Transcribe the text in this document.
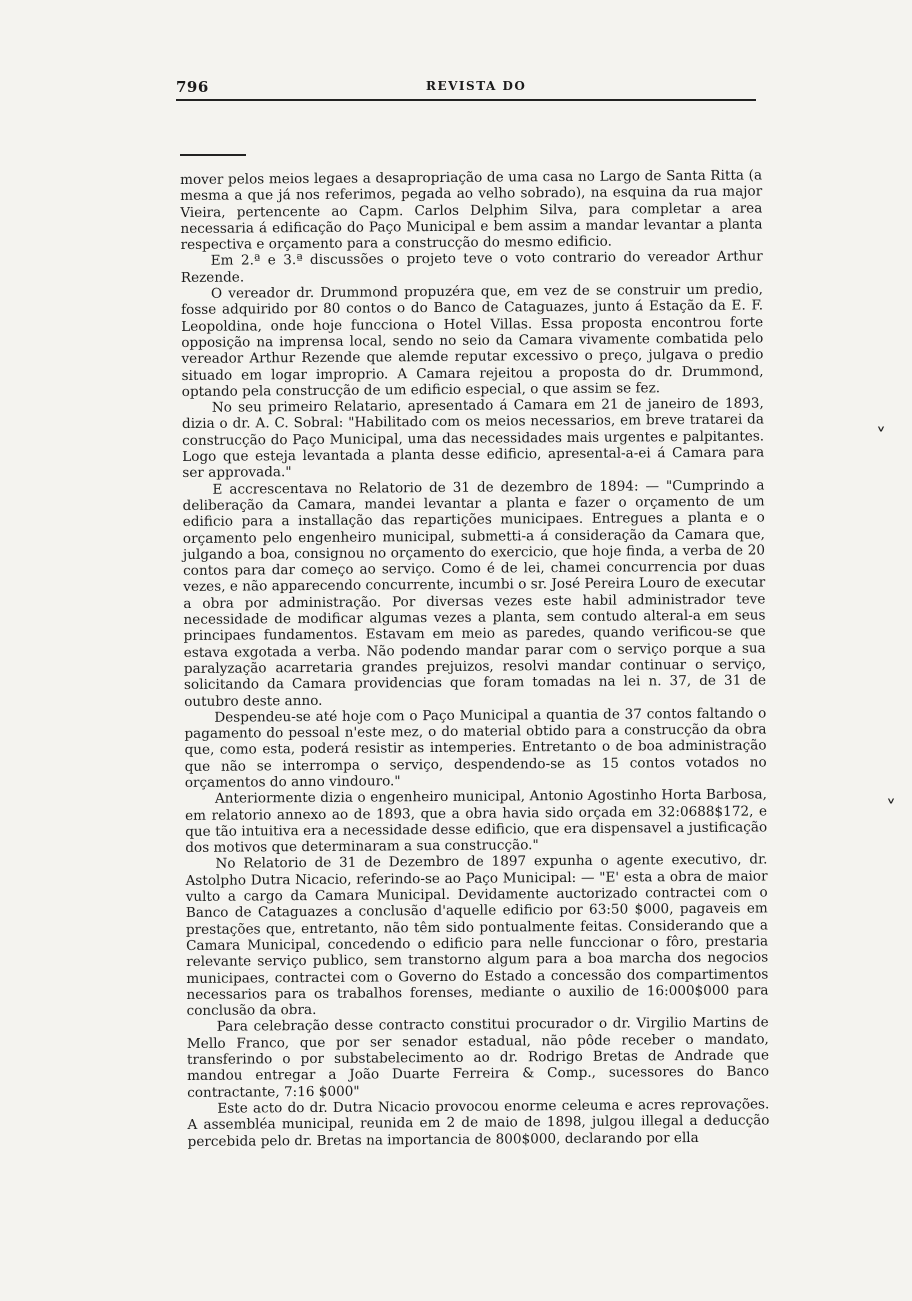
796	REVISTA DO

mover pelos meios legaes a desapropriação de uma casa no Largo de Santa Ritta (a mesma a que já nos referimos, pegada ao velho sobrado), na esquina da rua major Vieira, pertencente ao Capm. Carlos Delphim Silva, para completar a area necessaria á edificação do Paço Municipal e bem assim a mandar levantar a planta respectiva e orçamento para a construcção do mesmo edificio.

Em 2.ª e 3.ª discussões o projeto teve o voto contrario do vereador Arthur Rezende.

O vereador dr. Drummond propuzéra que, em vez de se construir um predio, fosse adquirido por 80 contos o do Banco de Cataguazes, junto á Estação da E. F. Leopoldina, onde hoje funcciona o Hotel Villas. Essa proposta encontrou forte opposição na imprensa local, sendo no seio da Camara vivamente combatida pelo vereador Arthur Rezende que alemde reputar excessivo o preço, julgava o predio situado em logar improprio. A Camara rejeitou a proposta do dr. Drummond, optando pela construcção de um edificio especial, o que assim se fez.

No seu primeiro Relatario, apresentado á Camara em 21 de janeiro de 1893, dizia o dr. A. C. Sobral: "Habilitado com os meios necessarios, em breve tratarei da construcção do Paço Municipal, uma das necessidades mais urgentes e palpitantes. Logo que esteja levantada a planta desse edificio, apresental-a-ei á Camara para ser approvada."

E accrescentava no Relatorio de 31 de dezembro de 1894: — "Cumprindo a deliberação da Camara, mandei levantar a planta e fazer o orçamento de um edificio para a installação das repartições municipaes. Entregues a planta e o orçamento pelo engenheiro municipal, submetti-a á consideração da Camara que, julgando a boa, consignou no orçamento do exercicio, que hoje finda, a verba de 20 contos para dar começo ao serviço. Como é de lei, chamei concurrencia por duas vezes, e não apparecendo concurrente, incumbi o sr. José Pereira Louro de executar a obra por administração. Por diversas vezes este habil administrador teve necessidade de modificar algumas vezes a planta, sem contudo alteral-a em seus principaes fundamentos. Estavam em meio as paredes, quando verificou-se que estava exgotada a verba. Não podendo mandar parar com o serviço porque a sua paralyzação acarretaria grandes prejuizos, resolvi mandar continuar o serviço, solicitando da Camara providencias que foram tomadas na lei n. 37, de 31 de outubro deste anno.

Despendeu-se até hoje com o Paço Municipal a quantia de 37 contos faltando o pagamento do pessoal n'este mez, o do material obtido para a construcção da obra que, como esta, poderá resistir as intemperies. Entretanto o de boa administração que não se interrompa o serviço, despendendo-se as 15 contos votados no orçamentos do anno vindouro."

Anteriormente dizia o engenheiro municipal, Antonio Agostinho Horta Barbosa, em relatorio annexo ao de 1893, que a obra havia sido orçada em 32:0688$172, e que tão intuitiva era a necessidade desse edificio, que era dispensavel a justificação dos motivos que determinaram a sua construcção."

No Relatorio de 31 de Dezembro de 1897 expunha o agente executivo, dr. Astolpho Dutra Nicacio, referindo-se ao Paço Municipal: — "E' esta a obra de maior vulto a cargo da Camara Municipal. Devidamente auctorizado contractei com o Banco de Cataguazes a conclusão d'aquelle edificio por 63:50 $000, pagaveis em prestações que, entretanto, não têm sido pontualmente feitas. Considerando que a Camara Municipal, concedendo o edificio para nelle funccionar o fôro, prestaria relevante serviço publico, sem transtorno algum para a boa marcha dos negocios municipaes, contractei com o Governo do Estado a concessão dos compartimentos necessarios para os trabalhos forenses, mediante o auxilio de 16:000$000 para conclusão da obra.

Para celebração desse contracto constitui procurador o dr. Virgilio Martins de Mello Franco, que por ser senador estadual, não pôde receber o mandato, transferindo o por substabelecimento ao dr. Rodrigo Bretas de Andrade que mandou entregar a João Duarte Ferreira & Comp., sucessores do Banco contractante, 7:16 $000"

Este acto do dr. Dutra Nicacio provocou enorme celeuma e acres reprovações. A assembléa municipal, reunida em 2 de maio de 1898, julgou illegal a deducção percebida pelo dr. Bretas na importancia de 800$000, declarando por ella

˅
˅
